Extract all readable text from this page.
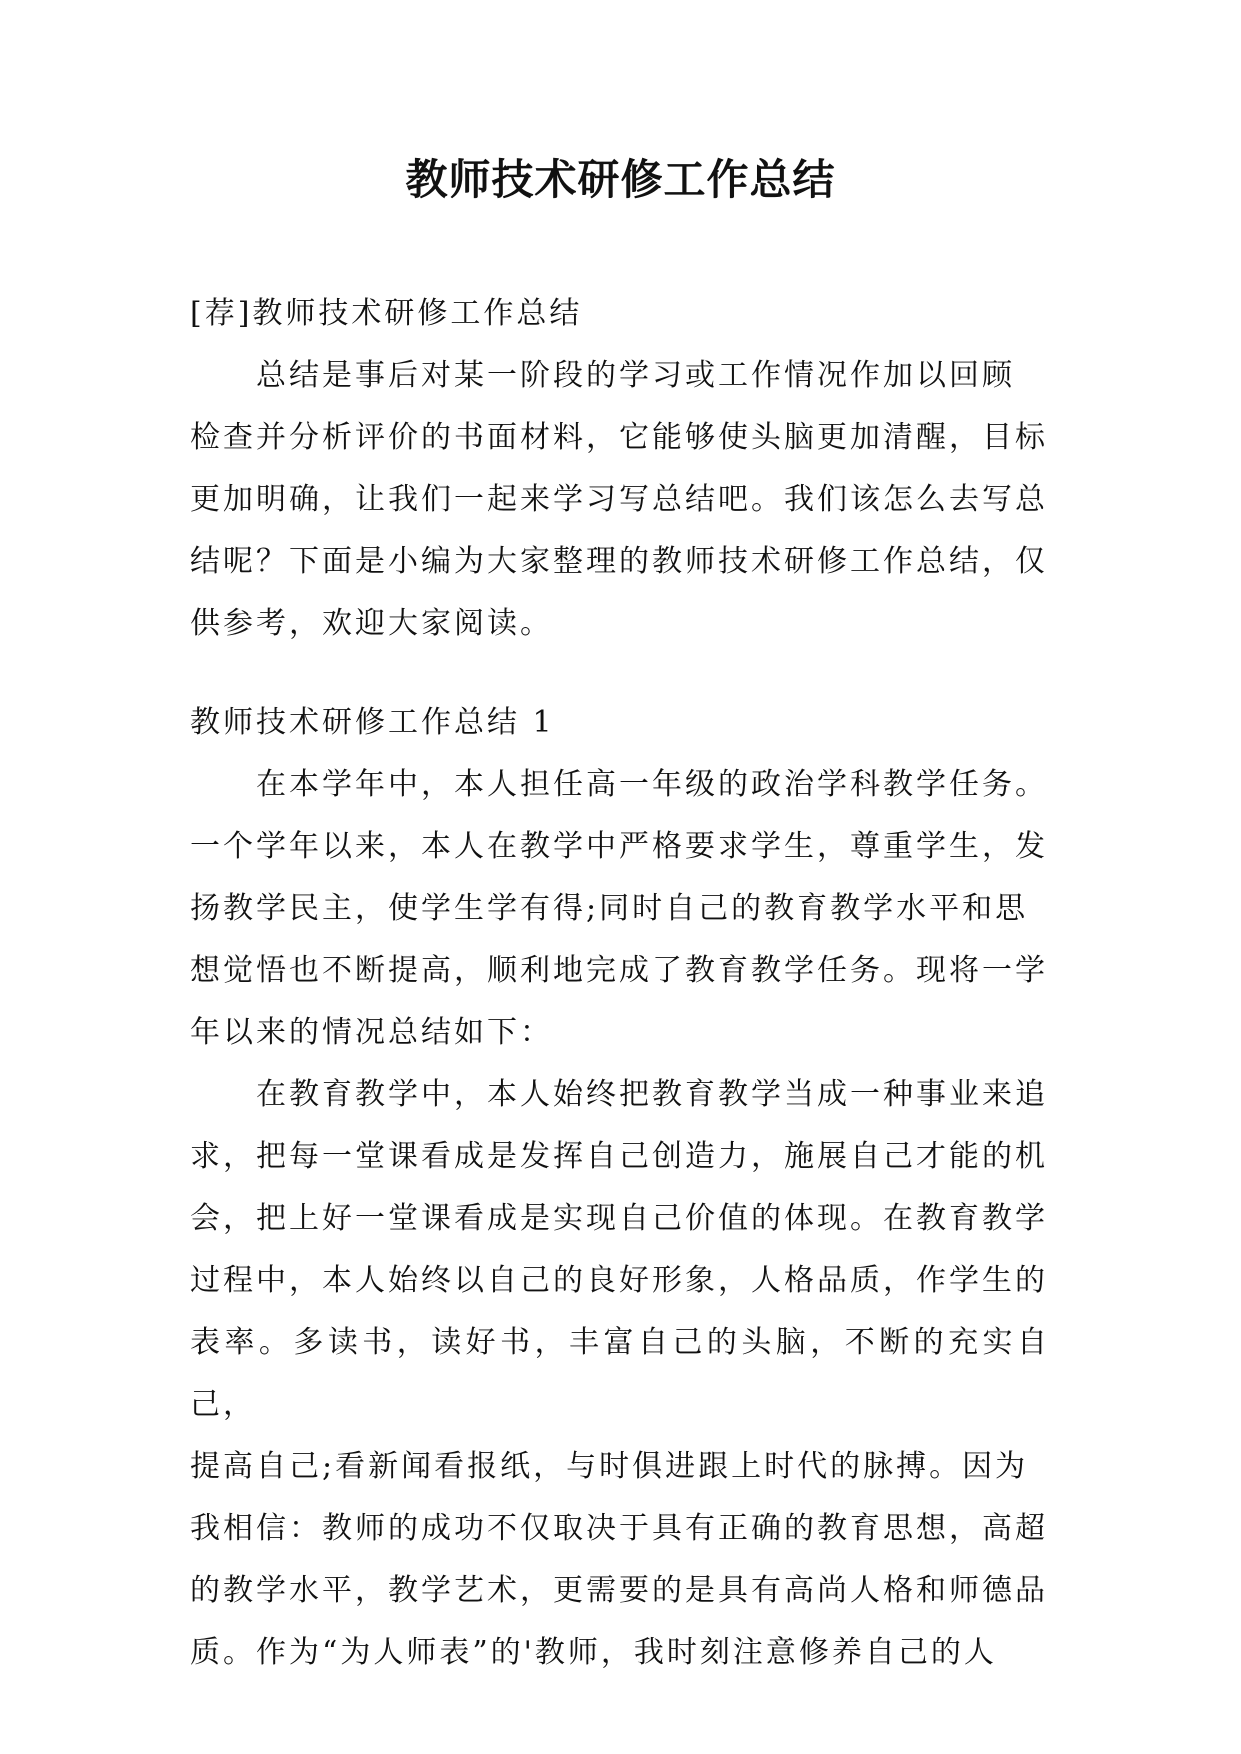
教师技术研修工作总结

[荐]教师技术研修工作总结

总结是事后对某一阶段的学习或工作情况作加以回顾
检查并分析评价的书面材料，它能够使头脑更加清醒，目标
更加明确，让我们一起来学习写总结吧。我们该怎么去写总
结呢？下面是小编为大家整理的教师技术研修工作总结，仅
供参考，欢迎大家阅读。

教师技术研修工作总结 1

在本学年中，本人担任高一年级的政治学科教学任务。
一个学年以来，本人在教学中严格要求学生，尊重学生，发
扬教学民主，使学生学有得;同时自己的教育教学水平和思
想觉悟也不断提高，顺利地完成了教育教学任务。现将一学
年以来的情况总结如下：

在教育教学中，本人始终把教育教学当成一种事业来追
求，把每一堂课看成是发挥自己创造力，施展自己才能的机
会，把上好一堂课看成是实现自己价值的体现。在教育教学
过程中，本人始终以自己的良好形象，人格品质，作学生的
表率。多读书，读好书，丰富自己的头脑，不断的充实自己，
提高自己;看新闻看报纸，与时俱进跟上时代的脉搏。因为
我相信：教师的成功不仅取决于具有正确的教育思想，高超
的教学水平，教学艺术，更需要的是具有高尚人格和师德品
质。作为“为人师表”的'教师，我时刻注意修养自己的人
